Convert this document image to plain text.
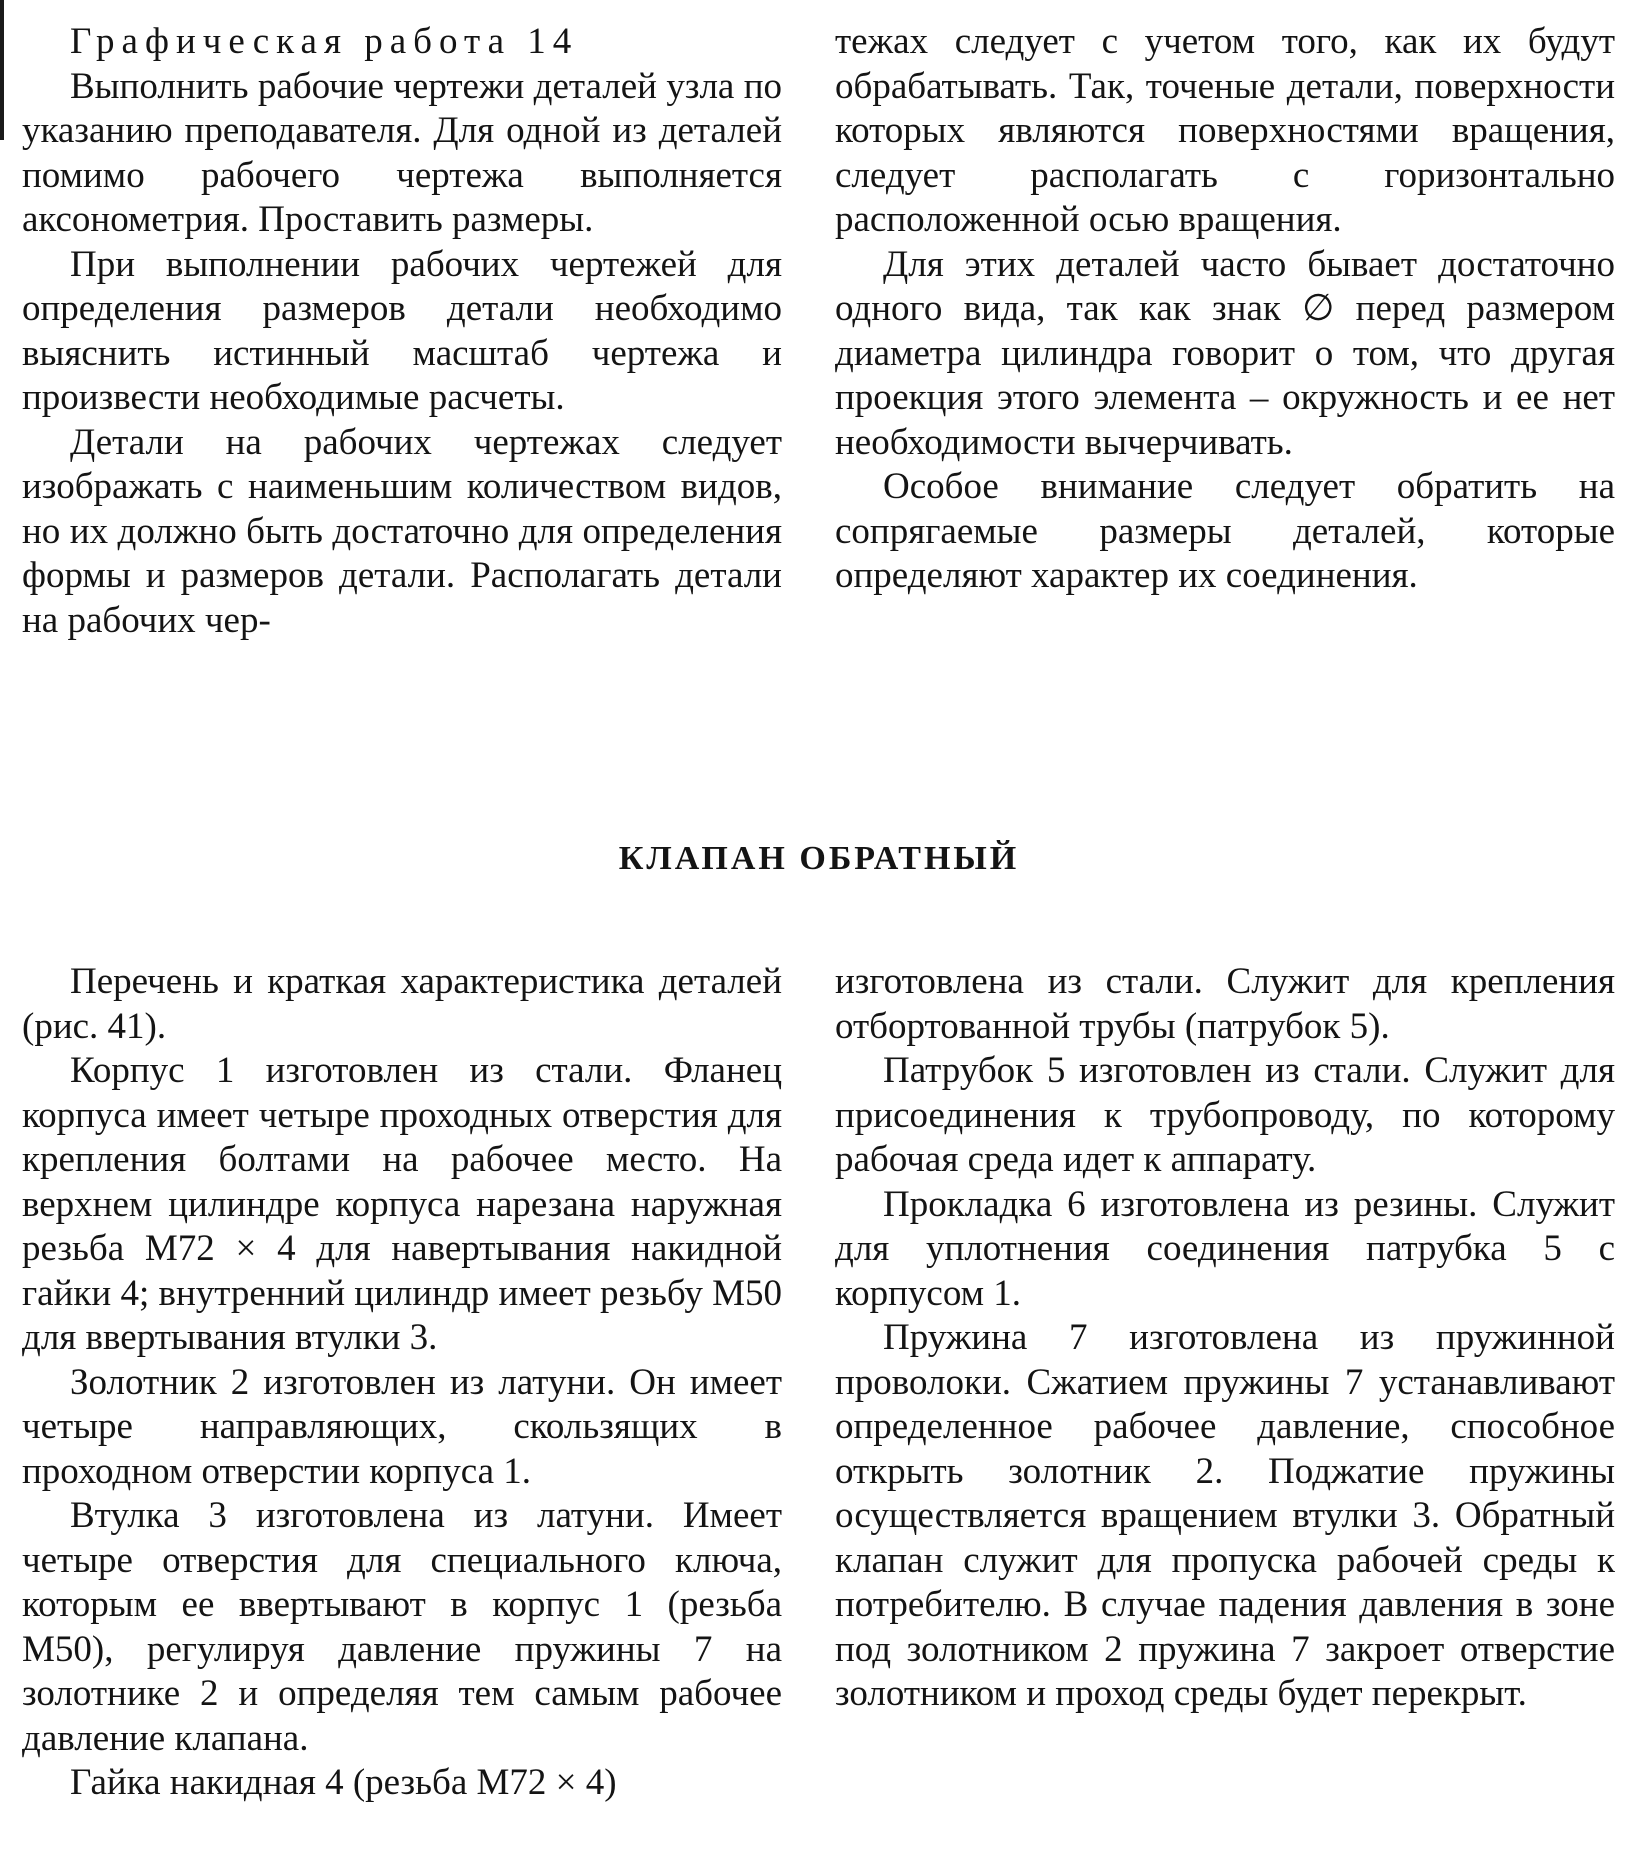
Графическая работа 14

Выполнить рабочие чертежи деталей узла по указанию преподавателя. Для одной из деталей помимо рабочего чертежа выполняется аксонометрия. Проставить размеры.

При выполнении рабочих чертежей для определения размеров детали необходимо выяснить истинный масштаб чертежа и произвести необходимые расчеты.

Детали на рабочих чертежах следует изображать с наименьшим количеством видов, но их должно быть достаточно для определения формы и размеров детали. Располагать детали на рабочих чер-

тежах следует с учетом того, как их будут обрабатывать. Так, точеные детали, поверхности которых являются поверхностями вращения, следует располагать с горизонтально расположенной осью вращения.

Для этих деталей часто бывает достаточно одного вида, так как знак ∅ перед размером диаметра цилиндра говорит о том, что другая проекция этого элемента – окружность и ее нет необходимости вычерчивать.

Особое внимание следует обратить на сопрягаемые размеры деталей, которые определяют характер их соединения.

КЛАПАН ОБРАТНЫЙ

Перечень и краткая характеристика деталей (рис. 41).

Корпус 1 изготовлен из стали. Фланец корпуса имеет четыре проходных отверстия для крепления болтами на рабочее место. На верхнем цилиндре корпуса нарезана наружная резьба М72 × 4 для навертывания накидной гайки 4; внутренний цилиндр имеет резьбу М50 для ввертывания втулки 3.

Золотник 2 изготовлен из латуни. Он имеет четыре направляющих, скользящих в проходном отверстии корпуса 1.

Втулка 3 изготовлена из латуни. Имеет четыре отверстия для специального ключа, которым ее ввертывают в корпус 1 (резьба М50), регулируя давление пружины 7 на золотнике 2 и определяя тем самым рабочее давление клапана.

Гайка накидная 4 (резьба М72 × 4)

изготовлена из стали. Служит для крепления отбортованной трубы (патрубок 5).

Патрубок 5 изготовлен из стали. Служит для присоединения к трубопроводу, по которому рабочая среда идет к аппарату.

Прокладка 6 изготовлена из резины. Служит для уплотнения соединения патрубка 5 с корпусом 1.

Пружина 7 изготовлена из пружинной проволоки. Сжатием пружины 7 устанавливают определенное рабочее давление, способное открыть золотник 2. Поджатие пружины осуществляется вращением втулки 3. Обратный клапан служит для пропуска рабочей среды к потребителю. В случае падения давления в зоне под золотником 2 пружина 7 закроет отверстие золотником и проход среды будет перекрыт.
